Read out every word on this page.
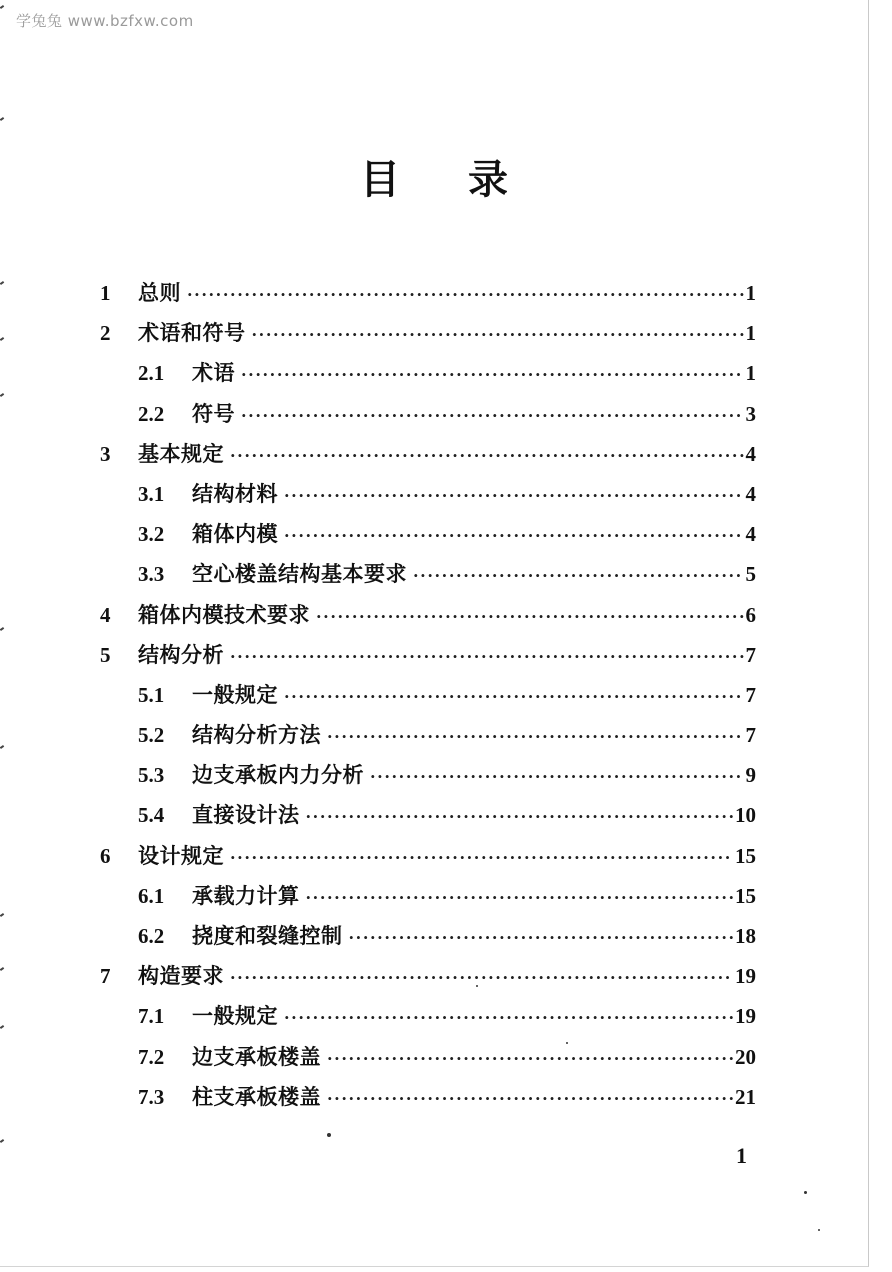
学兔兔 www.bzfxw.com
目录
1	总则 ·····	1
2	术语和符号 ·····	1
2.1	术语 ·····	1
2.2	符号 ·····	3
3	基本规定 ·····	4
3.1	结构材料 ·····	4
3.2	箱体内模 ·····	4
3.3	空心楼盖结构基本要求 ·····	5
4	箱体内模技术要求 ·····	6
5	结构分析 ·····	7
5.1	一般规定 ·····	7
5.2	结构分析方法 ·····	7
5.3	边支承板内力分析 ·····	9
5.4	直接设计法 ·····	10
6	设计规定 ·····	15
6.1	承载力计算 ·····	15
6.2	挠度和裂缝控制 ·····	18
7	构造要求 ·····	19
7.1	一般规定 ·····	19
7.2	边支承板楼盖 ·····	20
7.3	柱支承板楼盖 ·····	21
1
